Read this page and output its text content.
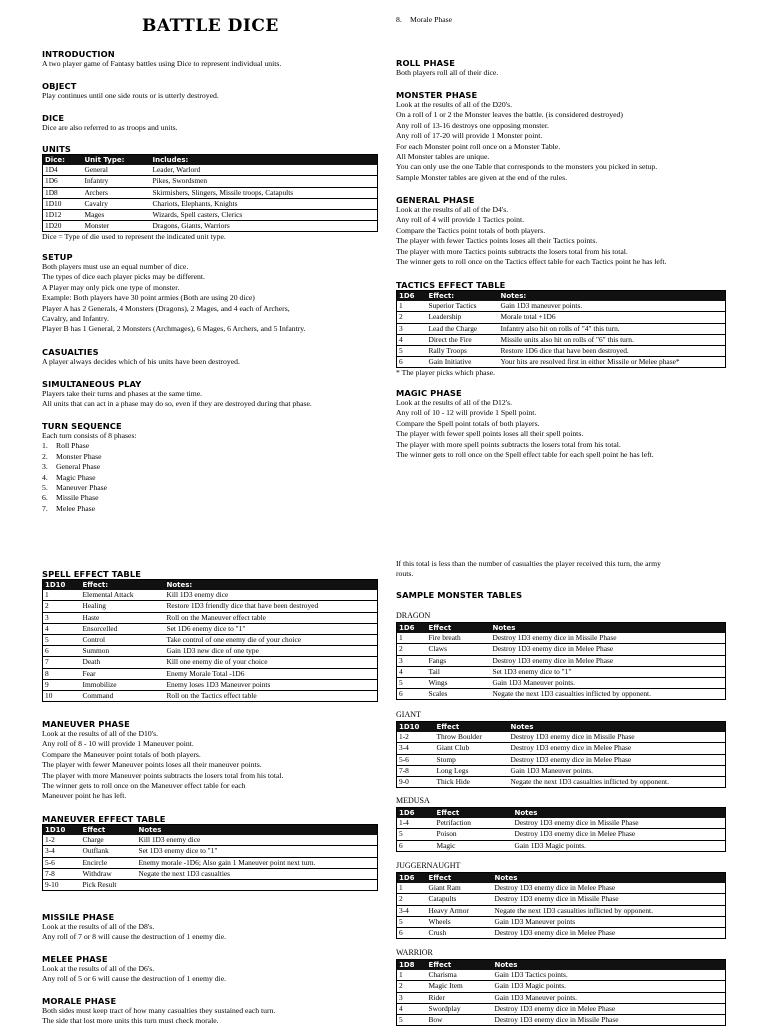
BATTLE DICE
INTRODUCTION
A two player game of Fantasy battles using Dice to represent individual units.
OBJECT
Play continues until one side routs or is utterly destroyed.
DICE
Dice are also referred to as troops and units.
UNITS
Dice:	Unit Type:	Includes:
1D4	General	Leader, Warlord
1D6	Infantry	Pikes, Swordsmen
1D8	Archers	Skirmishers, Slingers, Missile troops, Catapults
1D10	Cavalry	Chariots, Elephants, Knights
1D12	Mages	Wizards, Spell casters, Clerics
1D20	Monster	Dragons, Giants, Warriors
Dice = Type of die used to represent the indicated unit type.
SETUP
Both players must use an equal number of dice.
The types of dice each player picks may be different.
A Player may only pick one type of monster.
Example: Both players have 30 point armies (Both are using 20 dice)
Player A has 2 Generals, 4 Monsters (Dragons), 2 Mages, and 4 each of Archers,
Cavalry, and Infantry.
Player B has 1 General, 2 Monsters (Archmages), 6 Mages, 6 Archers, and 5 Infantry.
CASUALTIES
A player always decides which of his units have been destroyed.
SIMULTANEOUS PLAY
Players take their turns and phases at the same time.
All units that can act in a phase may do so, even if they are destroyed during that phase.
TURN SEQUENCE
Each turn consists of 8 phases:
1. Roll Phase
2. Monster Phase
3. General Phase
4. Magic Phase
5. Maneuver Phase
6. Missile Phase
7. Melee Phase
SPELL EFFECT TABLE
1D10	Effect:	Notes:
1	Elemental Attack	Kill 1D3 enemy dice
2	Healing	Restore 1D3 friendly dice that have been destroyed
3	Haste	Roll on the Maneuver effect table
4	Ensorcelled	Set 1D6 enemy dice to "1"
5	Control	Take control of one enemy die of your choice
6	Summon	Gain 1D3 new dice of one type
7	Death	Kill one enemy die of your choice
8	Fear	Enemy Morale Total -1D6
9	Immobilize	Enemy loses 1D3 Maneuver points
10	Command	Roll on the Tactics effect table
MANEUVER PHASE
Look at the results of all of the D10's.
Any roll of 8 - 10 will provide 1 Maneuver point.
Compare the Maneuver point totals of both players.
The player with fewer Maneuver points loses all their maneuver points.
The player with more Maneuver points subtracts the losers total from his total.
The winner gets to roll once on the Maneuver effect table for each
Maneuver point he has left.
MANEUVER EFFECT TABLE
1D10	Effect	Notes
1-2	Charge	Kill 1D3 enemy dice
3-4	Outflank	Set 1D3 enemy dice to "1"
5-6	Encircle	Enemy morale -1D6; Also gain 1 Maneuver point next turn.
7-8	Withdraw	Negate the next 1D3 casualties
9-10	Pick Result	
MISSILE PHASE
Look at the results of all of the D8's.
Any roll of 7 or 8 will cause the destruction of 1 enemy die.
MELEE PHASE
Look at the results of all of the D6's.
Any roll of 5 or 6 will cause the destruction of 1 enemy die.
MORALE PHASE
Both sides must keep tract of how many casualties they sustained each turn.
The side that lost more units this turn must check morale.
8. Morale Phase
ROLL PHASE
Both players roll all of their dice.
MONSTER PHASE
Look at the results of all of the D20's.
On a roll of 1 or 2 the Monster leaves the battle. (is considered destroyed)
Any roll of 13-16 destroys one opposing monster.
Any roll of 17-20 will provide 1 Monster point.
For each Monster point roll once on a Monster Table.
All Monster tables are unique.
You can only use the one Table that corresponds to the monsters you picked in setup.
Sample Monster tables are given at the end of the rules.
GENERAL PHASE
Look at the results of all of the D4's.
Any roll of 4 will provide 1 Tactics point.
Compare the Tactics point totals of both players.
The player with fewer Tactics points loses all their Tactics points.
The player with more Tactics points subtracts the losers total from his total.
The winner gets to roll once on the Tactics effect table for each Tactics point he has left.
TACTICS EFFECT TABLE
1D6	Effect:	Notes:
1	Superior Tactics	Gain 1D3 maneuver points.
2	Leadership	Morale total +1D6
3	Lead the Charge	Infantry also hit on rolls of "4" this turn.
4	Direct the Fire	Missile units also hit on rolls of "6" this turn.
5	Rally Troops	Restore 1D6 dice that have been destroyed.
6	Gain Initiative	Your hits are resolved first in either Missile or Melee phase*
* The player picks which phase.
MAGIC PHASE
Look at the results of all of the D12's.
Any roll of 10 - 12 will provide 1 Spell point.
Compare the Spell point totals of both players.
The player with fewer spell points loses all their spell points.
The player with more spell points subtracts the losers total from his total.
The winner gets to roll once on the Spell effect table for each spell point he has left.
If this total is less than the number of casualties the player received this turn, the army
routs.
SAMPLE MONSTER TABLES
DRAGON
1D6	Effect	Notes
1	Fire breath	Destroy 1D3 enemy dice in Missile Phase
2	Claws	Destroy 1D3 enemy dice in Melee Phase
3	Fangs	Destroy 1D3 enemy dice in Melee Phase
4	Tail	Set 1D3 enemy dice to "1"
5	Wings	Gain 1D3 Maneuver points.
6	Scales	Negate the next 1D3 casualties inflicted by opponent.
GIANT
1D10	Effect	Notes
1-2	Throw Boulder	Destroy 1D3 enemy dice in Missile Phase
3-4	Giant Club	Destroy 1D3 enemy dice in Melee Phase
5-6	Stomp	Destroy 1D3 enemy dice in Melee Phase
7-8	Long Legs	Gain 1D3 Maneuver points.
9-0	Thick Hide	Negate the next 1D3 casualties inflicted by opponent.
MEDUSA
1D6	Effect	Notes
1-4	Petrifaction	Destroy 1D3 enemy dice in Missile Phase
5	Poison	Destroy 1D3 enemy dice in Melee Phase
6	Magic	Gain 1D3 Magic points.
JUGGERNAUGHT
1D6	Effect	Notes
1	Giant Ram	Destroy 1D3 enemy dice in Melee Phase
2	Catapults	Destroy 1D3 enemy dice in Missile Phase
3-4	Heavy Armor	Negate the next 1D3 casualties inflicted by opponent.
5	Wheels	Gain 1D3 Maneuver points
6	Crush	Destroy 1D3 enemy dice in Melee Phase
WARRIOR
1D8	Effect	Notes
1	Charisma	Gain 1D3 Tactics points.
2	Magic Item	Gain 1D3 Magic points.
3	Rider	Gain 1D3 Maneuver points.
4	Swordplay	Destroy 1D3 enemy dice in Melee Phase
5	Bow	Destroy 1D3 enemy dice in Missile Phase
